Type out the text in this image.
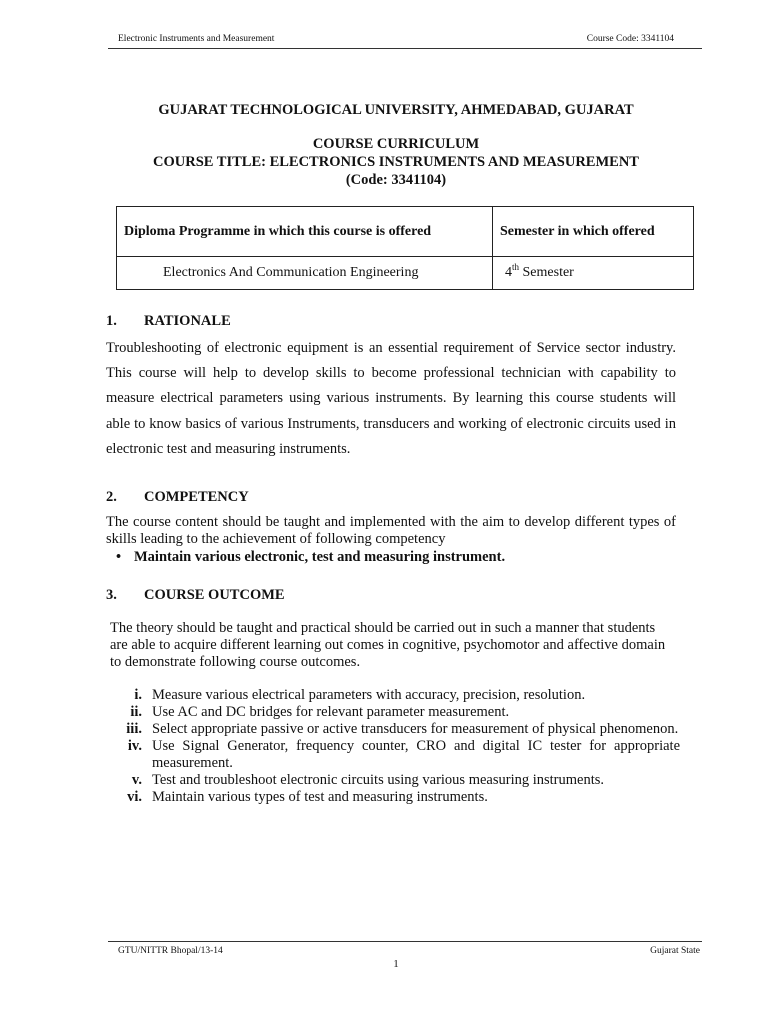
Electronic Instruments and Measurement	Course Code: 3341104
GUJARAT TECHNOLOGICAL UNIVERSITY, AHMEDABAD, GUJARAT
COURSE CURRICULUM
COURSE TITLE: ELECTRONICS INSTRUMENTS AND MEASUREMENT
(Code: 3341104)
Diploma Programme in which this course is offered	Semester in which offered
Electronics And Communication Engineering	4th Semester
1. RATIONALE
Troubleshooting of electronic equipment is an essential requirement of Service sector industry. This course will help to develop skills to become professional technician with capability to measure electrical parameters using various instruments. By learning this course students will able to know basics of various Instruments, transducers and working of electronic circuits used in electronic test and measuring instruments.
2. COMPETENCY
The course content should be taught and implemented with the aim to develop different types of skills leading to the achievement of following competency
• Maintain various electronic, test and measuring instrument.
3. COURSE OUTCOME
The theory should be taught and practical should be carried out in such a manner that students are able to acquire different learning out comes in cognitive, psychomotor and affective domain to demonstrate following course outcomes.
i. Measure various electrical parameters with accuracy, precision, resolution.
ii. Use AC and DC bridges for relevant parameter measurement.
iii. Select appropriate passive or active transducers for measurement of physical phenomenon.
iv. Use Signal Generator, frequency counter, CRO and digital IC tester for appropriate measurement.
v. Test and troubleshoot electronic circuits using various measuring instruments.
vi. Maintain various types of test and measuring instruments.
GTU/NITTR Bhopal/13-14	Gujarat State
1
